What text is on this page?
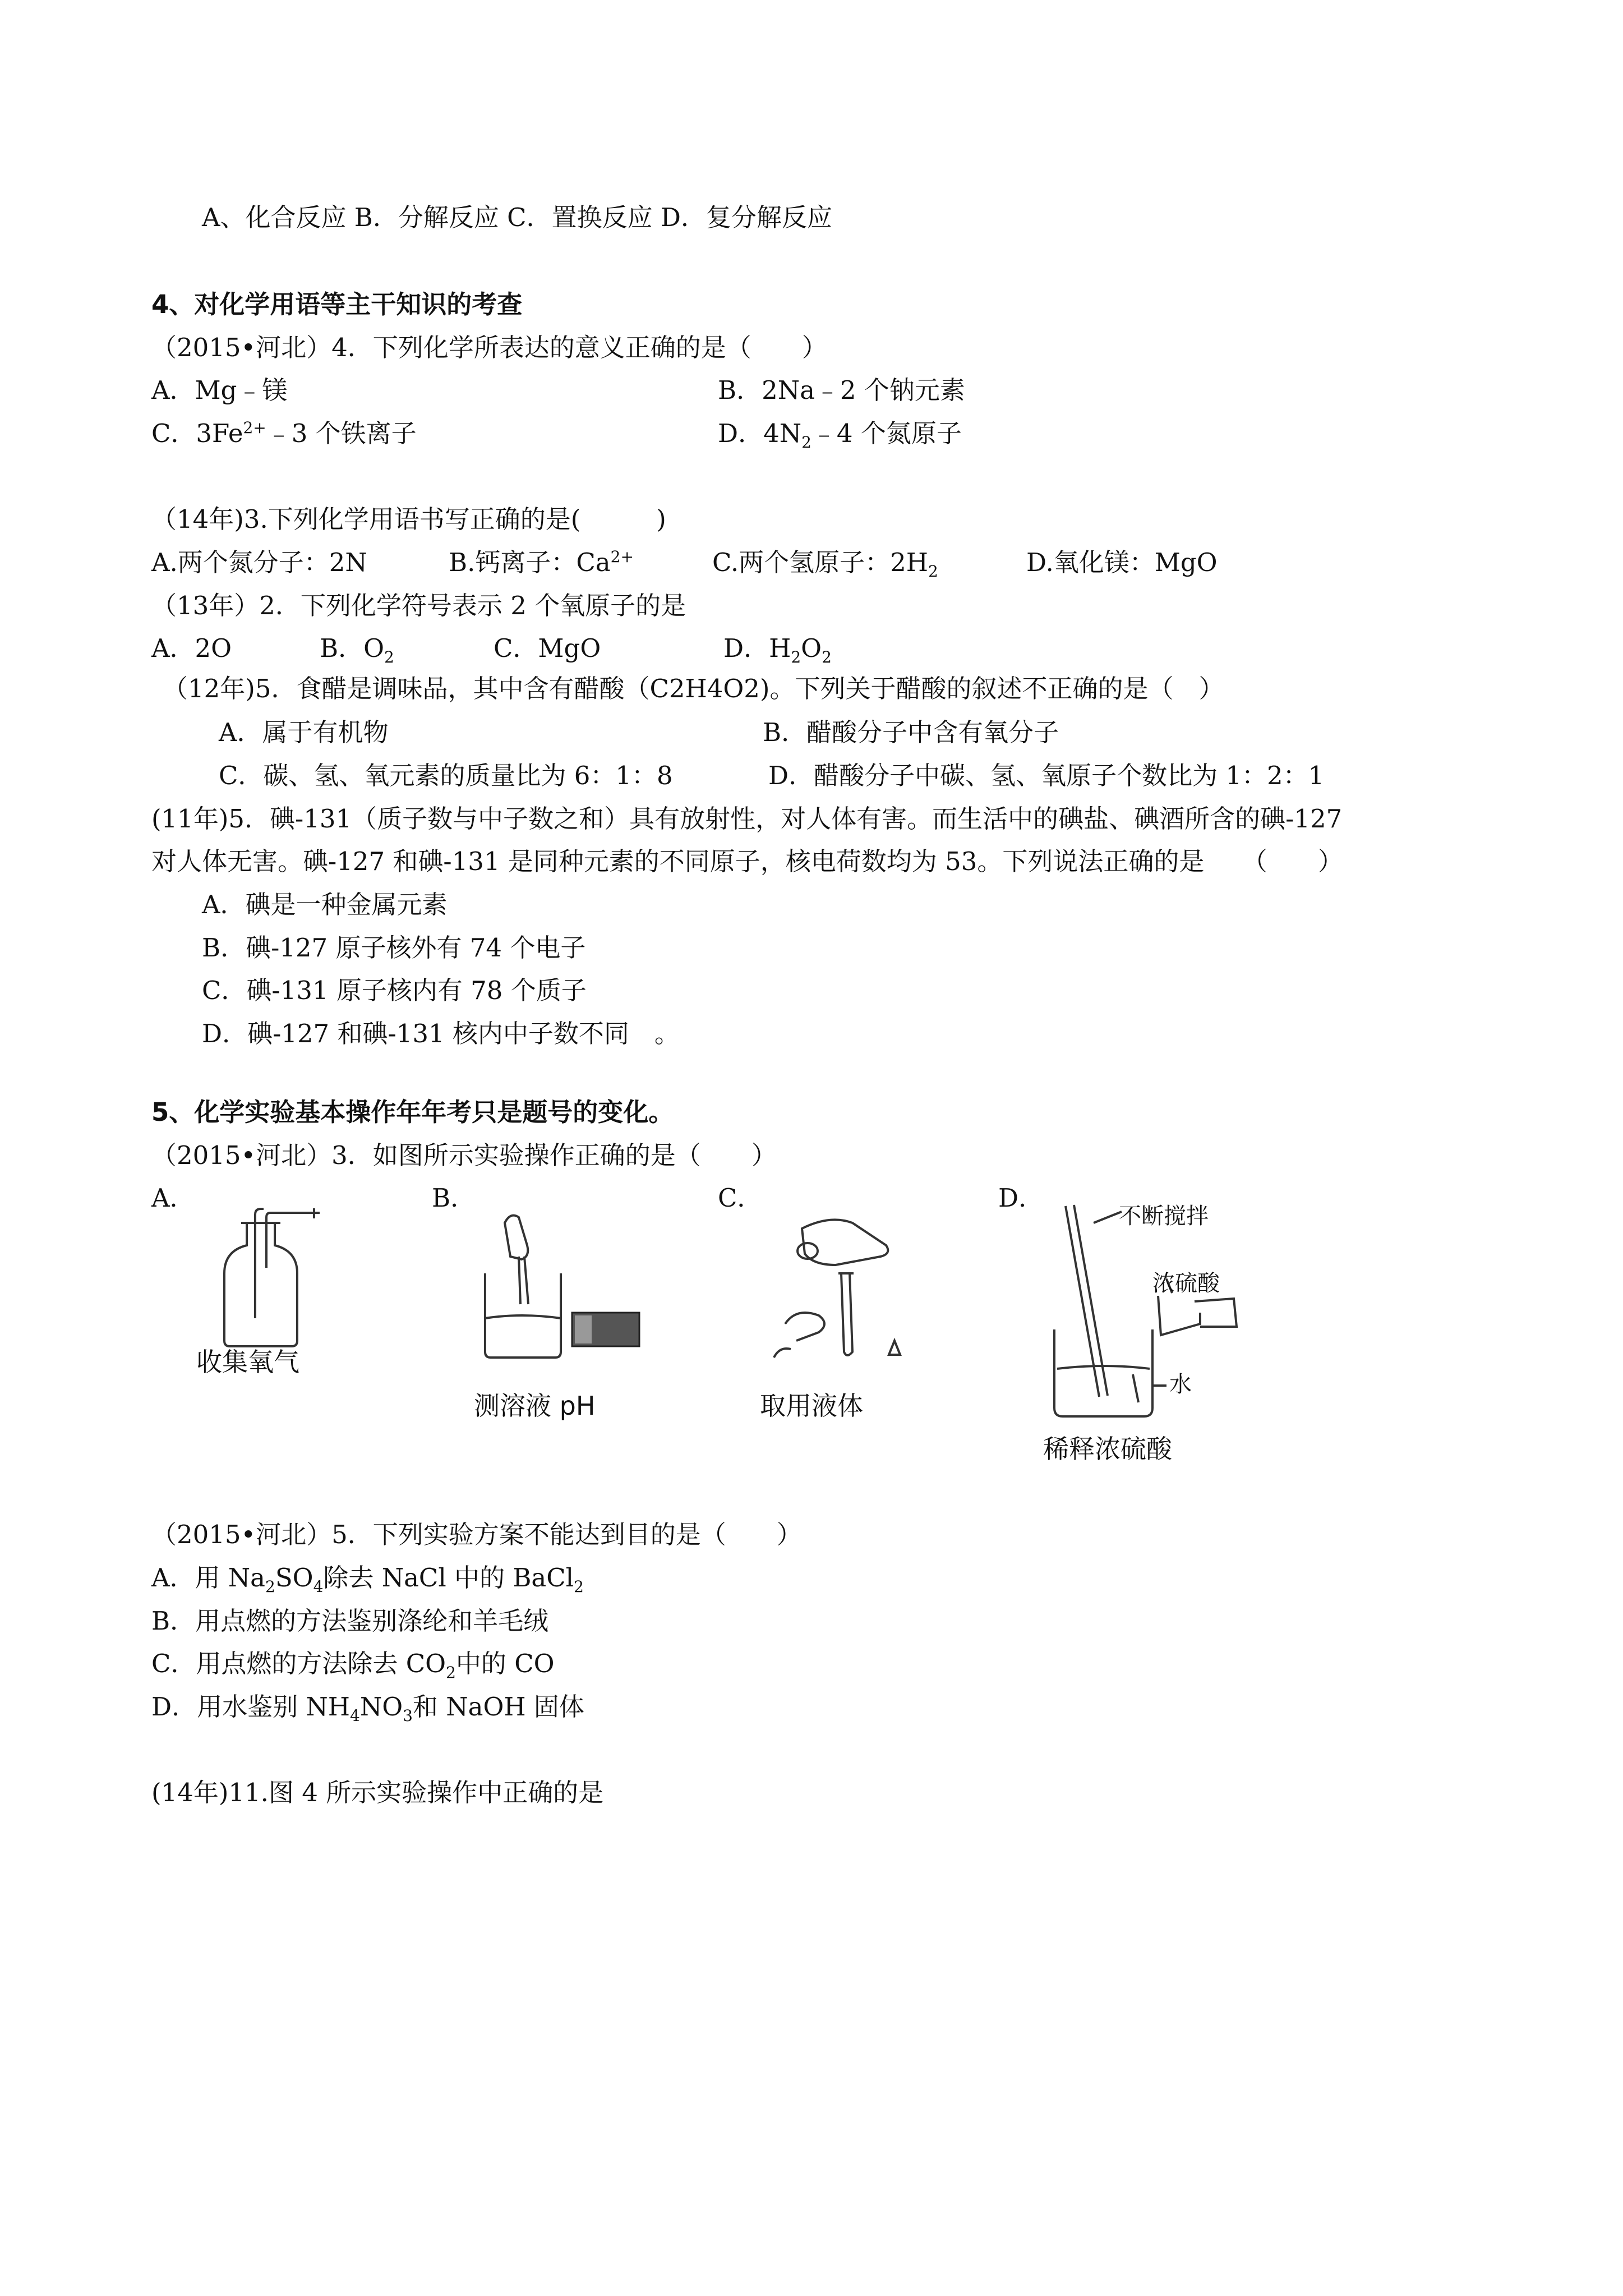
A、化合反应 B．分解反应 C．置换反应 D．复分解反应
4、对化学用语等主干知识的考查
（2015•河北）4．下列化学所表达的意义正确的是（　　）
A．Mg﹣镁	B．2Na﹣2 个钠元素
C．$3Fe^{2+}﹣3$ 个铁离子	D．$4N_2﹣4$ 个氮原子
（14年)3.下列化学用语书写正确的是(　　　)
A.两个氮分子：2N	B.钙离子：$Ca^{2+}$	C.两个氢原子：$2H_2$	D.氧化镁：MgO
（13年）2．下列化学符号表示 2 个氧原子的是
A．2O	B．$O_2$	C．MgO	D．$H_2O_2$
（12年)5．食醋是调味品，其中含有醋酸（C2H4O2)。下列关于醋酸的叙述不正确的是（　）
A．属于有机物	B．醋酸分子中含有氧分子
C．碳、氢、氧元素的质量比为 6：1：8	D．醋酸分子中碳、氢、氧原子个数比为 1：2：1
(11年)5．碘-131（质子数与中子数之和）具有放射性，对人体有害。而生活中的碘盐、碘酒所含的碘-127
对人体无害。碘-127 和碘-131 是同种元素的不同原子，核电荷数均为 53。下列说法正确的是　　（　　）
A．碘是一种金属元素
B．碘-127 原子核外有 74 个电子
C．碘-131 原子核内有 78 个质子
D．碘-127 和碘-131 核内中子数不同　。
5、化学实验基本操作年年考只是题号的变化。
（2015•河北）3．如图所示实验操作正确的是（　　）
A．	B．	C．	D．
收集氧气
测溶液 pH	取用液体
不断搅拌
浓硫酸
水
稀释浓硫酸
（2015•河北）5．下列实验方案不能达到目的是（　　）
A．用 $Na_2SO_4$除去 NaCl 中的 BaCl$_2$
B．用点燃的方法鉴别涤纶和羊毛绒
C．用点燃的方法除去 $CO_2$中的 CO
D．用水鉴别 $NH_4NO_3$和 NaOH 固体
(14年)11.图 4 所示实验操作中正确的是
